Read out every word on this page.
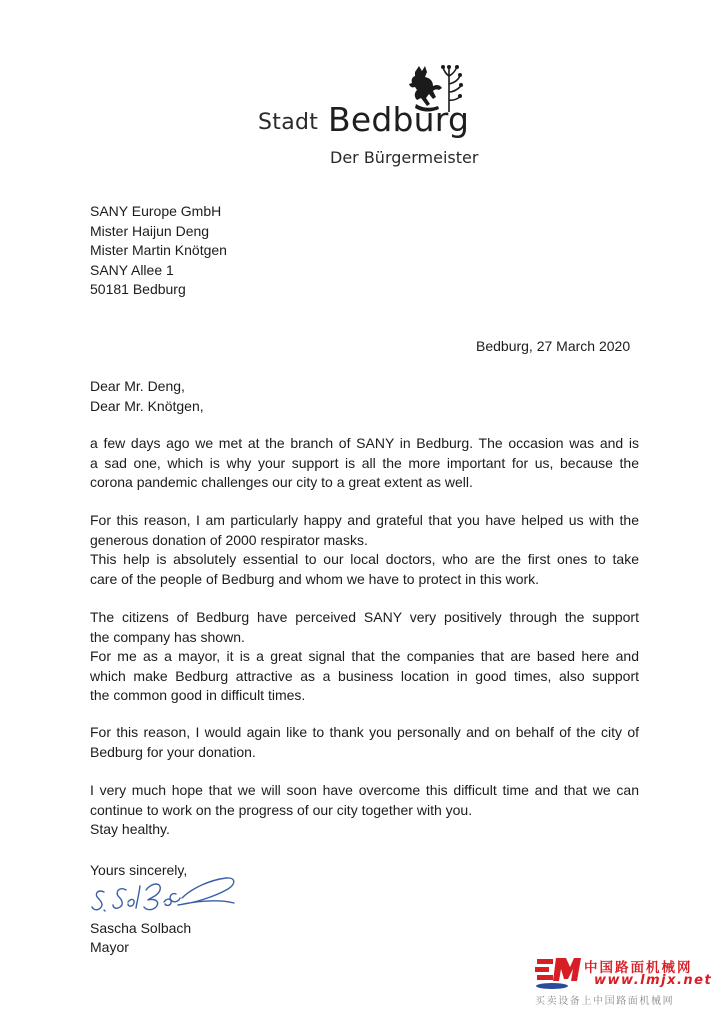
Stadt Bedburg
Der Bürgermeister
SANY Europe GmbH
Mister Haijun Deng
Mister Martin Knötgen
SANY Allee 1
50181 Bedburg
Bedburg, 27 March 2020
Dear Mr. Deng,
Dear Mr. Knötgen,
a few days ago we met at the branch of SANY in Bedburg. The occasion was and is
a sad one, which is why your support is all the more important for us, because the
corona pandemic challenges our city to a great extent as well.
For this reason, I am particularly happy and grateful that you have helped us with the
generous donation of 2000 respirator masks.
This help is absolutely essential to our local doctors, who are the first ones to take
care of the people of Bedburg and whom we have to protect in this work.
The citizens of Bedburg have perceived SANY very positively through the support
the company has shown.
For me as a mayor, it is a great signal that the companies that are based here and
which make Bedburg attractive as a business location in good times, also support
the common good in difficult times.
For this reason, I would again like to thank you personally and on behalf of the city of
Bedburg for your donation.
I very much hope that we will soon have overcome this difficult time and that we can
continue to work on the progress of our city together with you.
Stay healthy.
Yours sincerely,
Sascha Solbach
Mayor
中国路面机械网
www.lmjx.net
买卖设备上中国路面机械网
